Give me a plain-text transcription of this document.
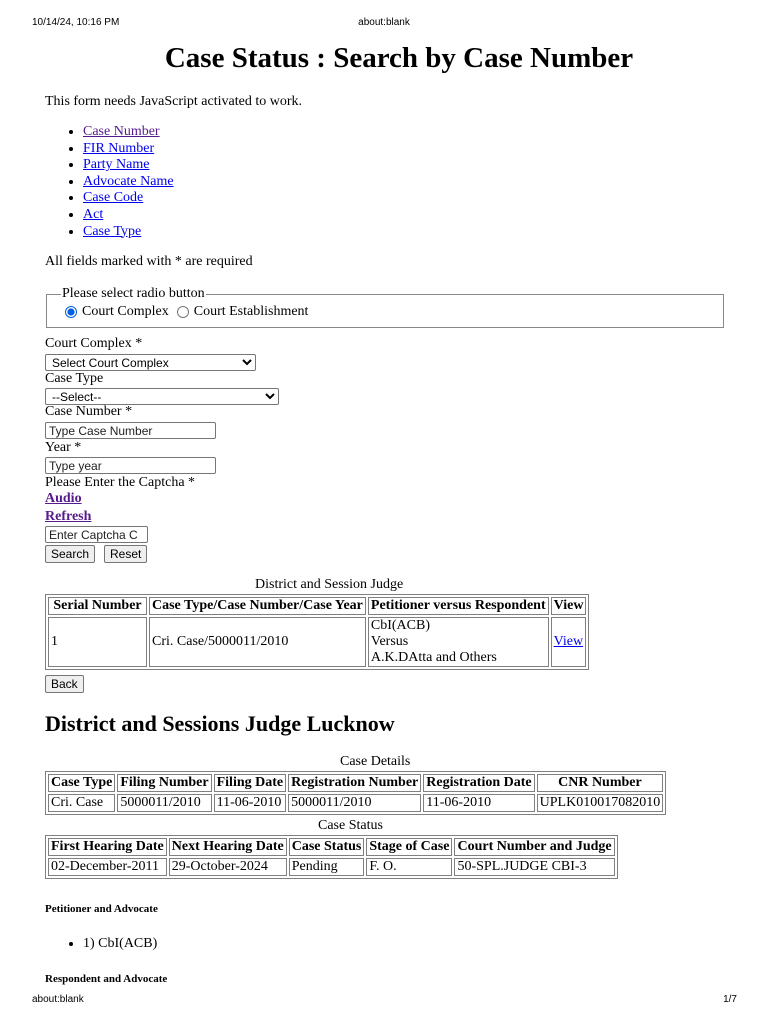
10/14/24, 10:16 PM	about:blank
Case Status : Search by Case Number
This form needs JavaScript activated to work.
• Case Number
• FIR Number
• Party Name
• Advocate Name
• Case Code
• Act
• Case Type
All fields marked with * are required
Please select radio button
Court Complex Court Establishment
Court Complex *
Select Court Complex
Case Type
--Select--
Case Number *
Type Case Number
Year *
Type year
Please Enter the Captcha *
Audio
Refresh
Enter Captcha C
Search	Reset
District and Session Judge
Serial Number	Case Type/Case Number/Case Year	Petitioner versus Respondent	View
1	Cri. Case/5000011/2010	CbI(ACB)
Versus
A.K.DAtta and Others	View
Back
District and Sessions Judge Lucknow
Case Details
Case Type	Filing Number	Filing Date	Registration Number	Registration Date	CNR Number
Cri. Case	5000011/2010	11-06-2010	5000011/2010	11-06-2010	UPLK010017082010
Case Status
First Hearing Date	Next Hearing Date	Case Status	Stage of Case	Court Number and Judge
02-December-2011	29-October-2024	Pending	F. O.	50-SPL.JUDGE CBI-3
Petitioner and Advocate
• 1) CbI(ACB)
Respondent and Advocate
about:blank	1/7
